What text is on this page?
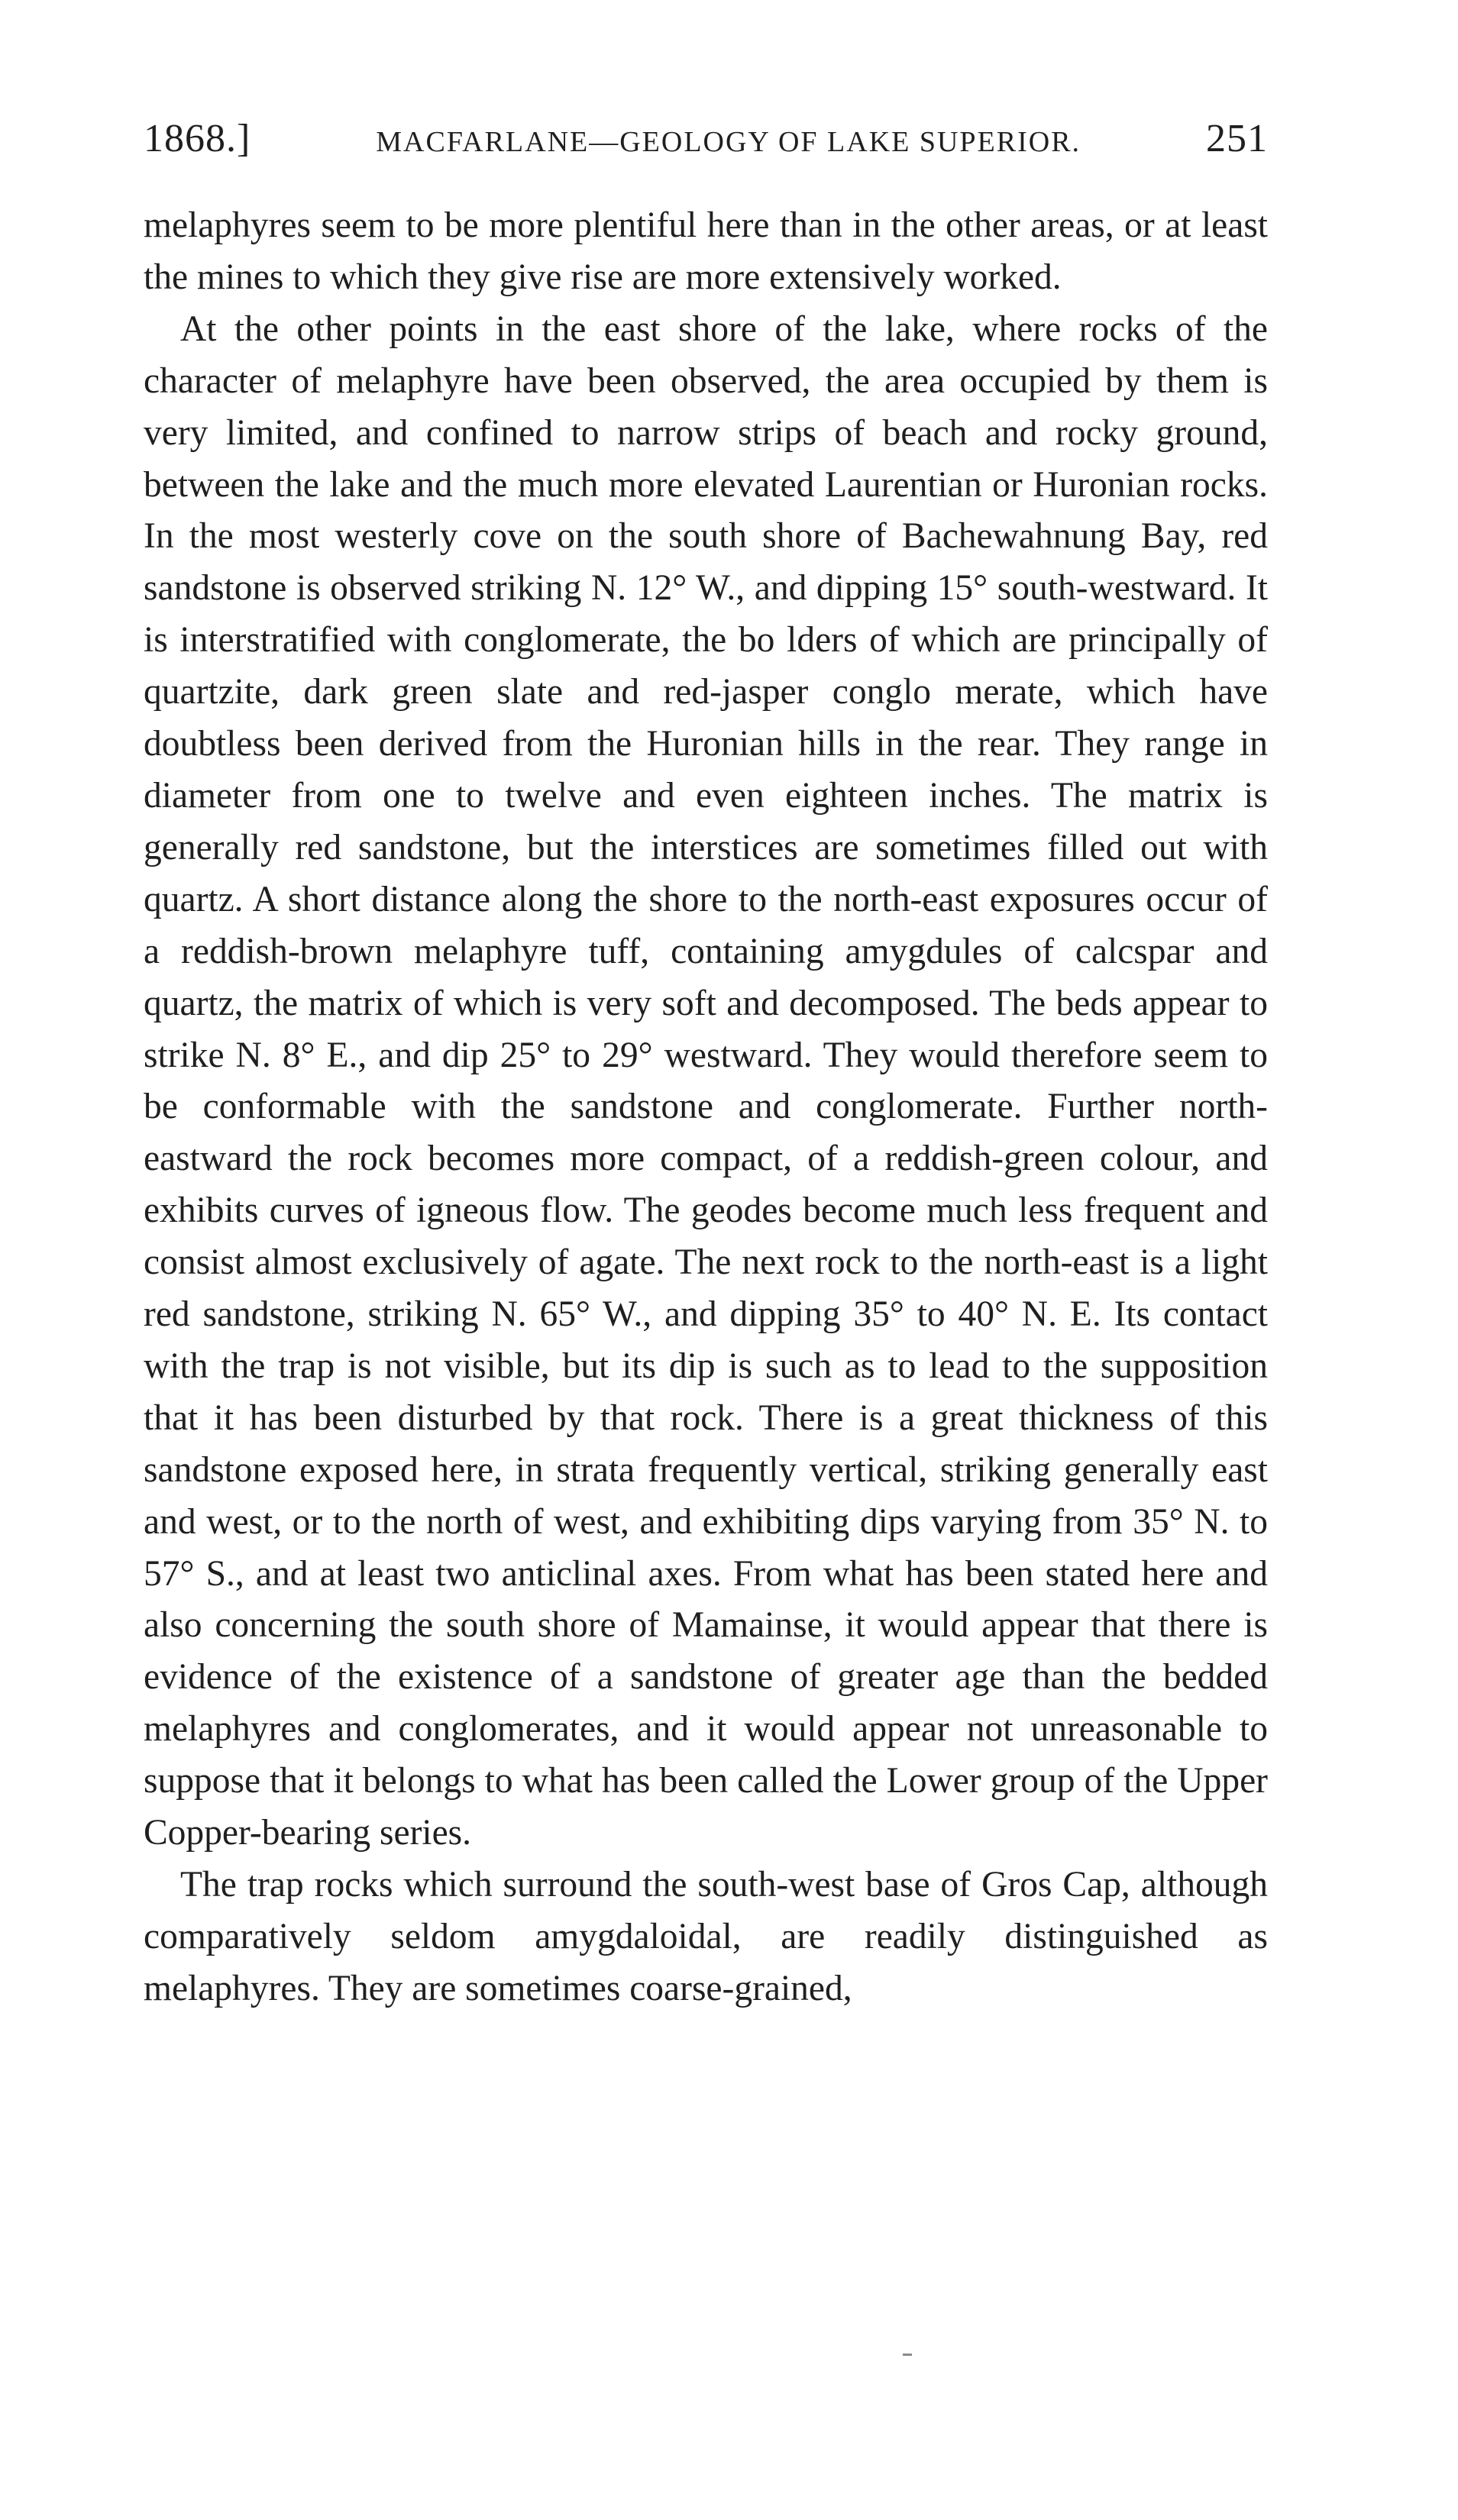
1868.]	MACFARLANE—GEOLOGY OF LAKE SUPERIOR.	251

melaphyres seem to be more plentiful here than in the other areas, or at least the mines to which they give rise are more extensively worked.

At the other points in the east shore of the lake, where rocks of the character of melaphyre have been observed, the area occupied by them is very limited, and confined to narrow strips of beach and rocky ground, between the lake and the much more elevated Laurentian or Huronian rocks. In the most westerly cove on the south shore of Bachewahnung Bay, red sandstone is observed striking N. 12° W., and dipping 15° south-westward. It is interstratified with conglomerate, the bo lders of which are principally of quartzite, dark green slate and red-jasper conglo merate, which have doubtless been derived from the Huronian hills in the rear. They range in diameter from one to twelve and even eighteen inches. The matrix is generally red sandstone, but the interstices are sometimes filled out with quartz. A short distance along the shore to the north-east exposures occur of a reddish-brown melaphyre tuff, containing amygdules of calcspar and quartz, the matrix of which is very soft and decomposed. The beds appear to strike N. 8° E., and dip 25° to 29° westward. They would therefore seem to be conformable with the sandstone and conglomerate. Further north-eastward the rock becomes more compact, of a reddish-green colour, and exhibits curves of igneous flow. The geodes become much less frequent and consist almost exclusively of agate. The next rock to the north-east is a light red sandstone, striking N. 65° W., and dipping 35° to 40° N. E. Its contact with the trap is not visible, but its dip is such as to lead to the supposition that it has been disturbed by that rock. There is a great thickness of this sandstone exposed here, in strata frequently vertical, striking generally east and west, or to the north of west, and exhibiting dips varying from 35° N. to 57° S., and at least two anticlinal axes. From what has been stated here and also concerning the south shore of Mamainse, it would appear that there is evidence of the existence of a sandstone of greater age than the bedded melaphyres and conglomerates, and it would appear not unreasonable to suppose that it belongs to what has been called the Lower group of the Upper Copper-bearing series.

The trap rocks which surround the south-west base of Gros Cap, although comparatively seldom amygdaloidal, are readily distinguished as melaphyres. They are sometimes coarse-grained,
